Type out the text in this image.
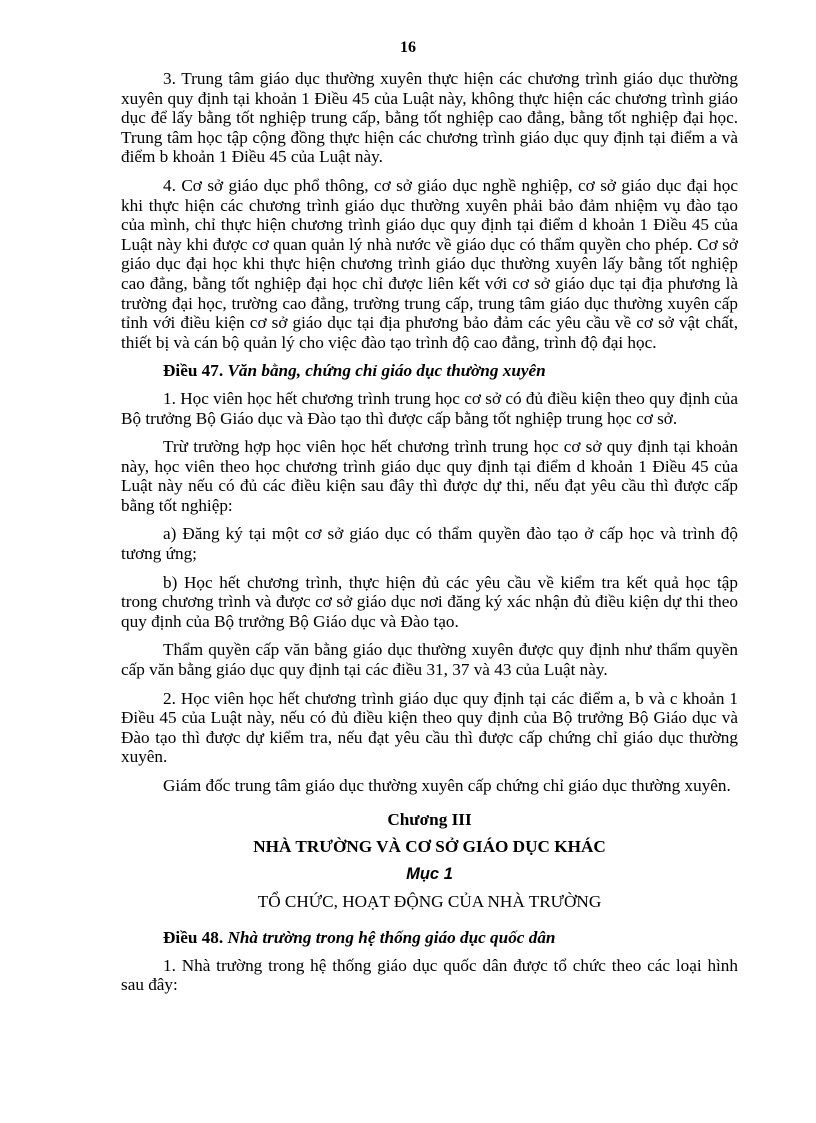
16

3. Trung tâm giáo dục thường xuyên thực hiện các chương trình giáo dục thường xuyên quy định tại khoản 1 Điều 45 của Luật này, không thực hiện các chương trình giáo dục để lấy bằng tốt nghiệp trung cấp, bằng tốt nghiệp cao đẳng, bằng tốt nghiệp đại học. Trung tâm học tập cộng đồng thực hiện các chương trình giáo dục quy định tại điểm a và điểm b khoản 1 Điều 45 của Luật này.

4. Cơ sở giáo dục phổ thông, cơ sở giáo dục nghề nghiệp, cơ sở giáo dục đại học khi thực hiện các chương trình giáo dục thường xuyên phải bảo đảm nhiệm vụ đào tạo của mình, chỉ thực hiện chương trình giáo dục quy định tại điểm d khoản 1 Điều 45 của Luật này khi được cơ quan quản lý nhà nước về giáo dục có thẩm quyền cho phép. Cơ sở giáo dục đại học khi thực hiện chương trình giáo dục thường xuyên lấy bằng tốt nghiệp cao đẳng, bằng tốt nghiệp đại học chỉ được liên kết với cơ sở giáo dục tại địa phương là trường đại học, trường cao đẳng, trường trung cấp, trung tâm giáo dục thường xuyên cấp tỉnh với điều kiện cơ sở giáo dục tại địa phương bảo đảm các yêu cầu về cơ sở vật chất, thiết bị và cán bộ quản lý cho việc đào tạo trình độ cao đẳng, trình độ đại học.

Điều 47. Văn bằng, chứng chỉ giáo dục thường xuyên

1. Học viên học hết chương trình trung học cơ sở có đủ điều kiện theo quy định của Bộ trưởng Bộ Giáo dục và Đào tạo thì được cấp bằng tốt nghiệp trung học cơ sở.

Trừ trường hợp học viên học hết chương trình trung học cơ sở quy định tại khoản này, học viên theo học chương trình giáo dục quy định tại điểm d khoản 1 Điều 45 của Luật này nếu có đủ các điều kiện sau đây thì được dự thi, nếu đạt yêu cầu thì được cấp bằng tốt nghiệp:

a) Đăng ký tại một cơ sở giáo dục có thẩm quyền đào tạo ở cấp học và trình độ tương ứng;

b) Học hết chương trình, thực hiện đủ các yêu cầu về kiểm tra kết quả học tập trong chương trình và được cơ sở giáo dục nơi đăng ký xác nhận đủ điều kiện dự thi theo quy định của Bộ trưởng Bộ Giáo dục và Đào tạo.

Thẩm quyền cấp văn bằng giáo dục thường xuyên được quy định như thẩm quyền cấp văn bằng giáo dục quy định tại các điều 31, 37 và 43 của Luật này.

2. Học viên học hết chương trình giáo dục quy định tại các điểm a, b và c khoản 1 Điều 45 của Luật này, nếu có đủ điều kiện theo quy định của Bộ trưởng Bộ Giáo dục và Đào tạo thì được dự kiểm tra, nếu đạt yêu cầu thì được cấp chứng chỉ giáo dục thường xuyên.

Giám đốc trung tâm giáo dục thường xuyên cấp chứng chỉ giáo dục thường xuyên.

Chương III

NHÀ TRƯỜNG VÀ CƠ SỞ GIÁO DỤC KHÁC

Mục 1

TỔ CHỨC, HOẠT ĐỘNG CỦA NHÀ TRƯỜNG

Điều 48. Nhà trường trong hệ thống giáo dục quốc dân

1. Nhà trường trong hệ thống giáo dục quốc dân được tổ chức theo các loại hình sau đây:
